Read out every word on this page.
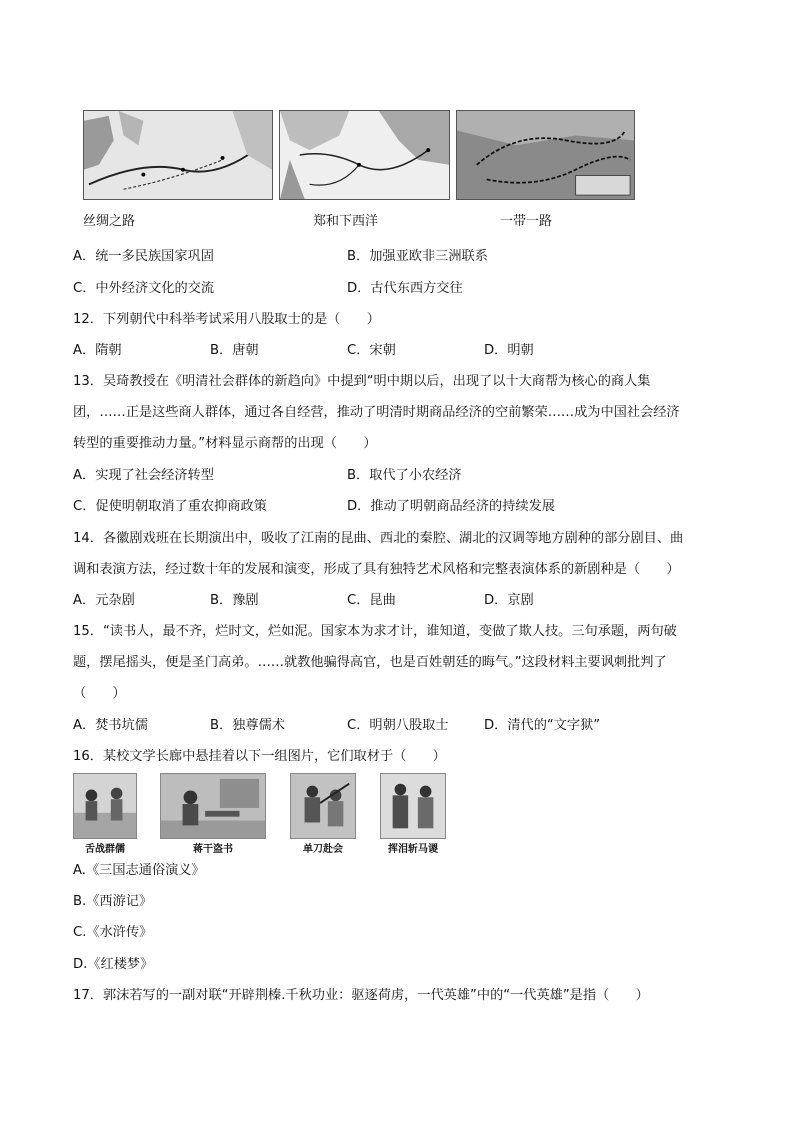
丝绸之路	郑和下西洋	一带一路
A．统一多民族国家巩固	B．加强亚欧非三洲联系
C．中外经济文化的交流	D．古代东西方交往
12．下列朝代中科举考试采用八股取士的是（　　）
A．隋朝	B．唐朝	C．宋朝	D．明朝
13．吴琦教授在《明清社会群体的新趋向》中提到“明中期以后，出现了以十大商帮为核心的商人集
团，……正是这些商人群体，通过各自经营，推动了明清时期商品经济的空前繁荣……成为中国社会经济
转型的重要推动力量。”材料显示商帮的出现（　　）
A．实现了社会经济转型	B．取代了小农经济
C．促使明朝取消了重农抑商政策	D．推动了明朝商品经济的持续发展
14．各徽剧戏班在长期演出中，吸收了江南的昆曲、西北的秦腔、湖北的汉调等地方剧种的部分剧目、曲
调和表演方法，经过数十年的发展和演变，形成了具有独特艺术风格和完整表演体系的新剧种是（　　）
A．元杂剧	B．豫剧	C．昆曲	D．京剧
15．“读书人，最不齐，烂时文，烂如泥。国家本为求才计，谁知道，变做了欺人技。三句承题，两句破
题，摆尾摇头，便是圣门高弟。……就教他骗得高官，也是百姓朝廷的晦气。”这段材料主要讽刺批判了
（　　）
A．焚书坑儒	B．独尊儒术	C．明朝八股取士	D．清代的“文字狱”
16．某校文学长廊中悬挂着以下一组图片，它们取材于（　　）
舌战群儒	蒋干盗书	单刀赴会	挥泪斩马谡
A.《三国志通俗演义》
B.《西游记》
C.《水浒传》
D.《红楼梦》
17．郭沫若写的一副对联“开辟荆榛.千秋功业：驱逐荷虏，一代英雄”中的“一代英雄”是指（　　）
